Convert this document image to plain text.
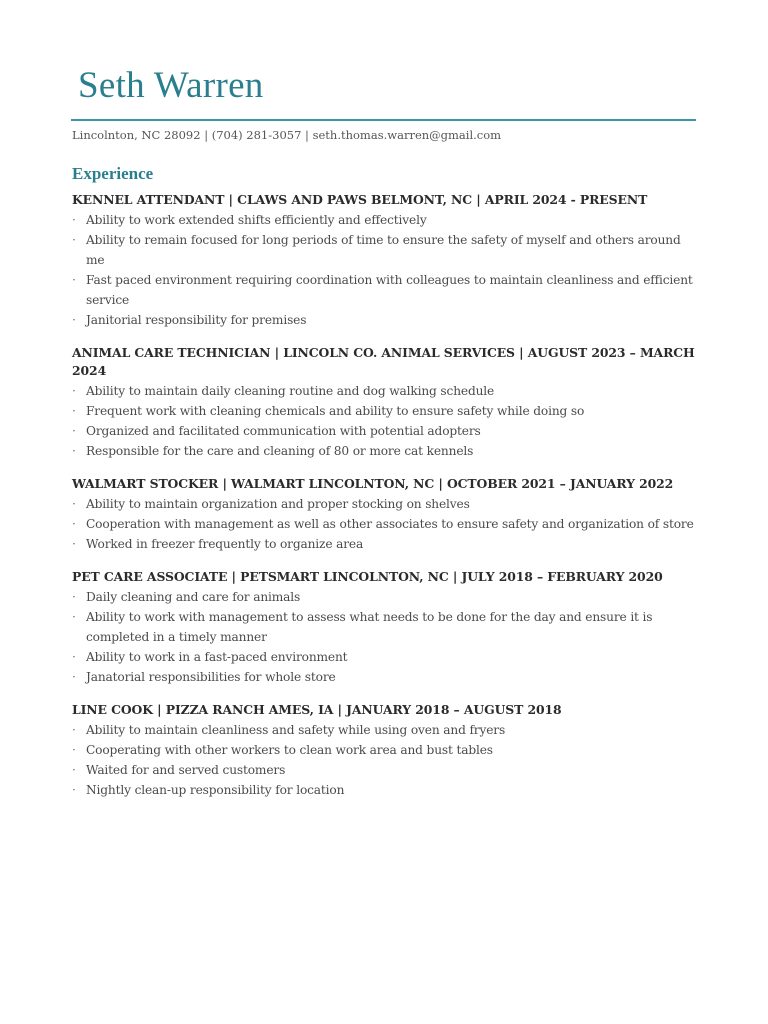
Seth Warren
Lincolnton, NC 28092 | (704) 281-3057 | seth.thomas.warren@gmail.com
Experience
KENNEL ATTENDANT | CLAWS AND PAWS BELMONT, NC | APRIL 2024 - PRESENT
· Ability to work extended shifts efficiently and effectively
· Ability to remain focused for long periods of time to ensure the safety of myself and others around me
· Fast paced environment requiring coordination with colleagues to maintain cleanliness and efficient service
· Janitorial responsibility for premises
ANIMAL CARE TECHNICIAN | LINCOLN CO. ANIMAL SERVICES | AUGUST 2023 – MARCH 2024
· Ability to maintain daily cleaning routine and dog walking schedule
· Frequent work with cleaning chemicals and ability to ensure safety while doing so
· Organized and facilitated communication with potential adopters
· Responsible for the care and cleaning of 80 or more cat kennels
WALMART STOCKER | WALMART LINCOLNTON, NC | OCTOBER 2021 – JANUARY 2022
· Ability to maintain organization and proper stocking on shelves
· Cooperation with management as well as other associates to ensure safety and organization of store
· Worked in freezer frequently to organize area
PET CARE ASSOCIATE | PETSMART LINCOLNTON, NC | JULY 2018 – FEBRUARY 2020
· Daily cleaning and care for animals
· Ability to work with management to assess what needs to be done for the day and ensure it is completed in a timely manner
· Ability to work in a fast-paced environment
· Janatorial responsibilities for whole store
LINE COOK | PIZZA RANCH AMES, IA | JANUARY 2018 – AUGUST 2018
· Ability to maintain cleanliness and safety while using oven and fryers
· Cooperating with other workers to clean work area and bust tables
· Waited for and served customers
· Nightly clean-up responsibility for location
